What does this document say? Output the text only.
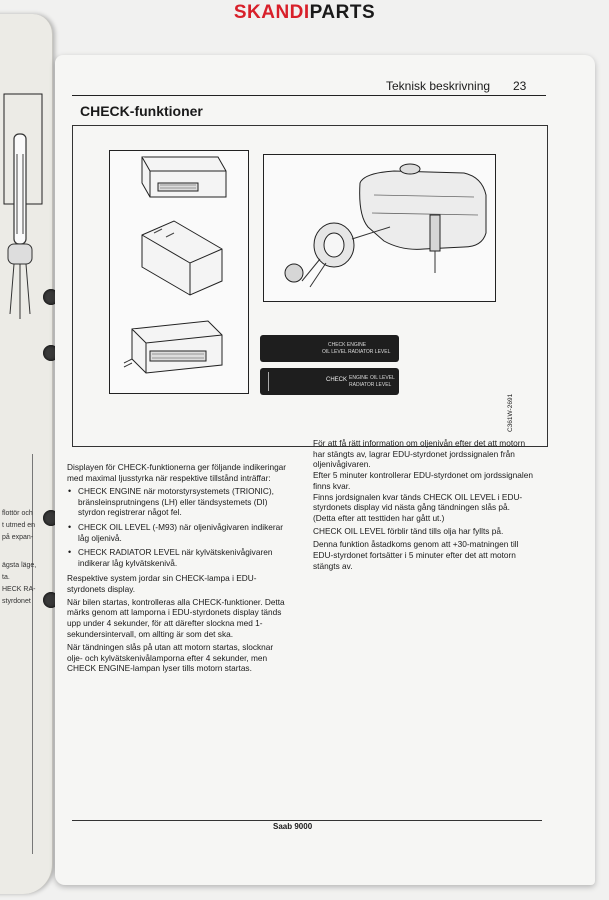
SKANDIPARTS
flottör och
t utmed en
på expan-
ägsta läge,
ta.
HECK RA-
styrdonet
Teknisk beskrivning 23
CHECK-funktioner
CHECK ENGINE
OIL LEVEL RADIATOR LEVEL
CHECK ENGINE OIL LEVEL
RADIATOR LEVEL
C361W-2691

Displayen för CHECK-funktionerna ger följande indikeringar med maximal ljusstyrka när respektive tillstånd inträffar:

• CHECK ENGINE när motorstyrsystemets (TRIONIC), bränsleinsprutningens (LH) eller tändsystemets (DI) styrdon registrerar något fel.
• CHECK OIL LEVEL (-M93) när oljenivågivaren indikerar låg oljenivå.
• CHECK RADIATOR LEVEL när kylvätskenivågivaren indikerar låg kylvätskenivå.

Respektive system jordar sin CHECK-lampa i EDU-styrdonets display.

När bilen startas, kontrolleras alla CHECK-funktioner. Detta märks genom att lamporna i EDU-styrdonets display tänds upp under 4 sekunder, för att därefter slockna med 1-sekundersintervall, om allting är som det ska.

När tändningen slås på utan att motorn startas, slocknar olje- och kylvätskenivålamporna efter 4 sekunder, men CHECK ENGINE-lampan lyser tills motorn startas.

För att få rätt information om oljenivån efter det att motorn har stängts av, lagrar EDU-styrdonet jordssignalen från oljenivågivaren.

Efter 5 minuter kontrollerar EDU-styrdonet om jordssignalen finns kvar.

Finns jordsignalen kvar tänds CHECK OIL LEVEL i EDU-styrdonets display vid nästa gång tändningen slås på. (Detta efter att testtiden har gått ut.)

CHECK OIL LEVEL förblir tänd tills olja har fyllts på.

Denna funktion åstadkoms genom att +30-matningen till EDU-styrdonet fortsätter i 5 minuter efter det att motorn stängts av.

Saab 9000
